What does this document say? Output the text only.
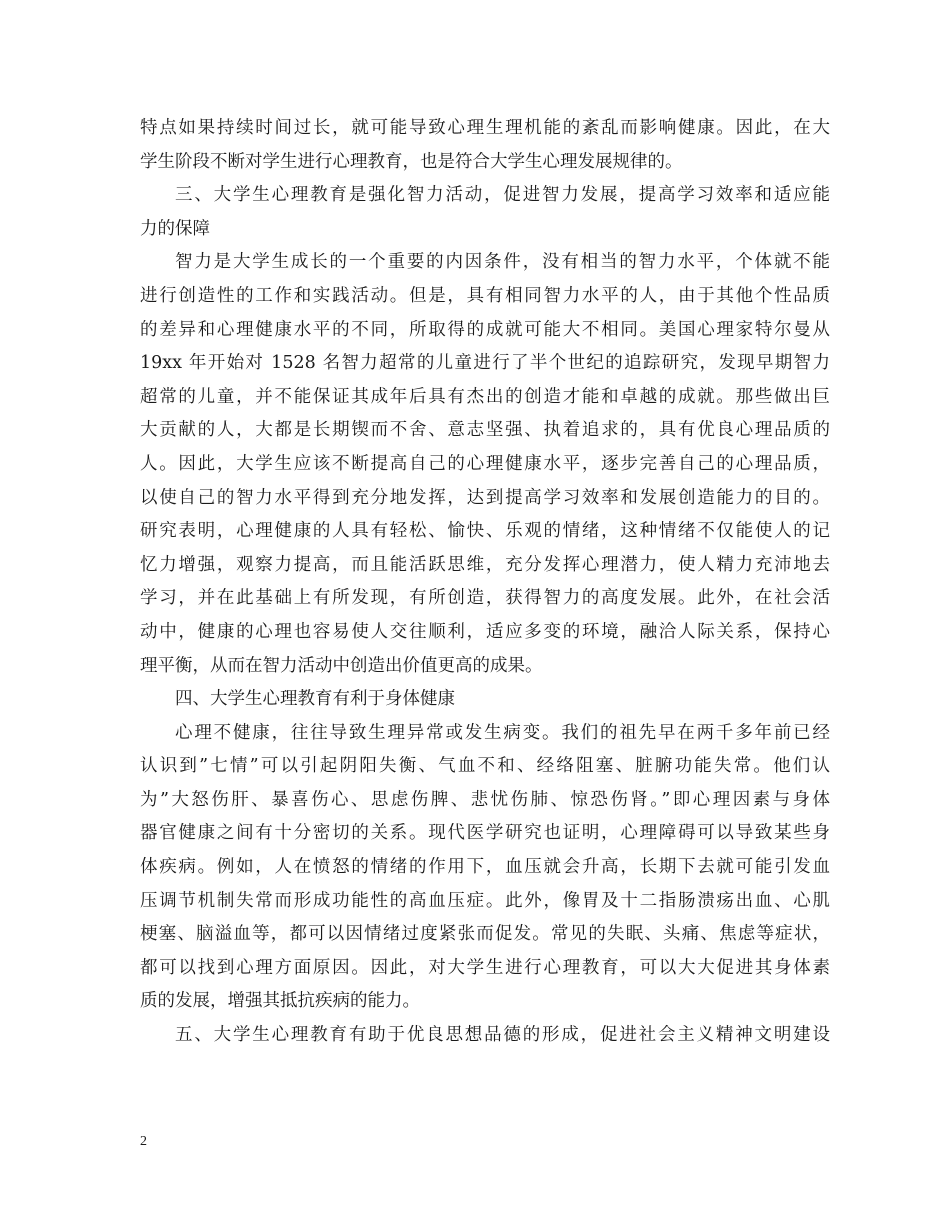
特点如果持续时间过长，就可能导致心理生理机能的紊乱而影响健康。因此，在大
学生阶段不断对学生进行心理教育，也是符合大学生心理发展规律的。
三、大学生心理教育是强化智力活动，促进智力发展，提高学习效率和适应能
力的保障
智力是大学生成长的一个重要的内因条件，没有相当的智力水平，个体就不能
进行创造性的工作和实践活动。但是，具有相同智力水平的人，由于其他个性品质
的差异和心理健康水平的不同，所取得的成就可能大不相同。美国心理家特尔曼从
19xx 年开始对 1528 名智力超常的儿童进行了半个世纪的追踪研究，发现早期智力
超常的儿童，并不能保证其成年后具有杰出的创造才能和卓越的成就。那些做出巨
大贡献的人，大都是长期锲而不舍、意志坚强、执着追求的，具有优良心理品质的
人。因此，大学生应该不断提高自己的心理健康水平，逐步完善自己的心理品质，
以使自己的智力水平得到充分地发挥，达到提高学习效率和发展创造能力的目的。
研究表明，心理健康的人具有轻松、愉快、乐观的情绪，这种情绪不仅能使人的记
忆力增强，观察力提高，而且能活跃思维，充分发挥心理潜力，使人精力充沛地去
学习，并在此基础上有所发现，有所创造，获得智力的高度发展。此外，在社会活
动中，健康的心理也容易使人交往顺利，适应多变的环境，融洽人际关系，保持心
理平衡，从而在智力活动中创造出价值更高的成果。
四、大学生心理教育有利于身体健康
心理不健康，往往导致生理异常或发生病变。我们的祖先早在两千多年前已经
认识到”七情”可以引起阴阳失衡、气血不和、经络阻塞、脏腑功能失常。他们认
为”大怒伤肝、暴喜伤心、思虑伤脾、悲忧伤肺、惊恐伤肾。”即心理因素与身体
器官健康之间有十分密切的关系。现代医学研究也证明，心理障碍可以导致某些身
体疾病。例如，人在愤怒的情绪的作用下，血压就会升高，长期下去就可能引发血
压调节机制失常而形成功能性的高血压症。此外，像胃及十二指肠溃疡出血、心肌
梗塞、脑溢血等，都可以因情绪过度紧张而促发。常见的失眠、头痛、焦虑等症状，
都可以找到心理方面原因。因此，对大学生进行心理教育，可以大大促进其身体素
质的发展，增强其抵抗疾病的能力。
五、大学生心理教育有助于优良思想品德的形成，促进社会主义精神文明建设
2
